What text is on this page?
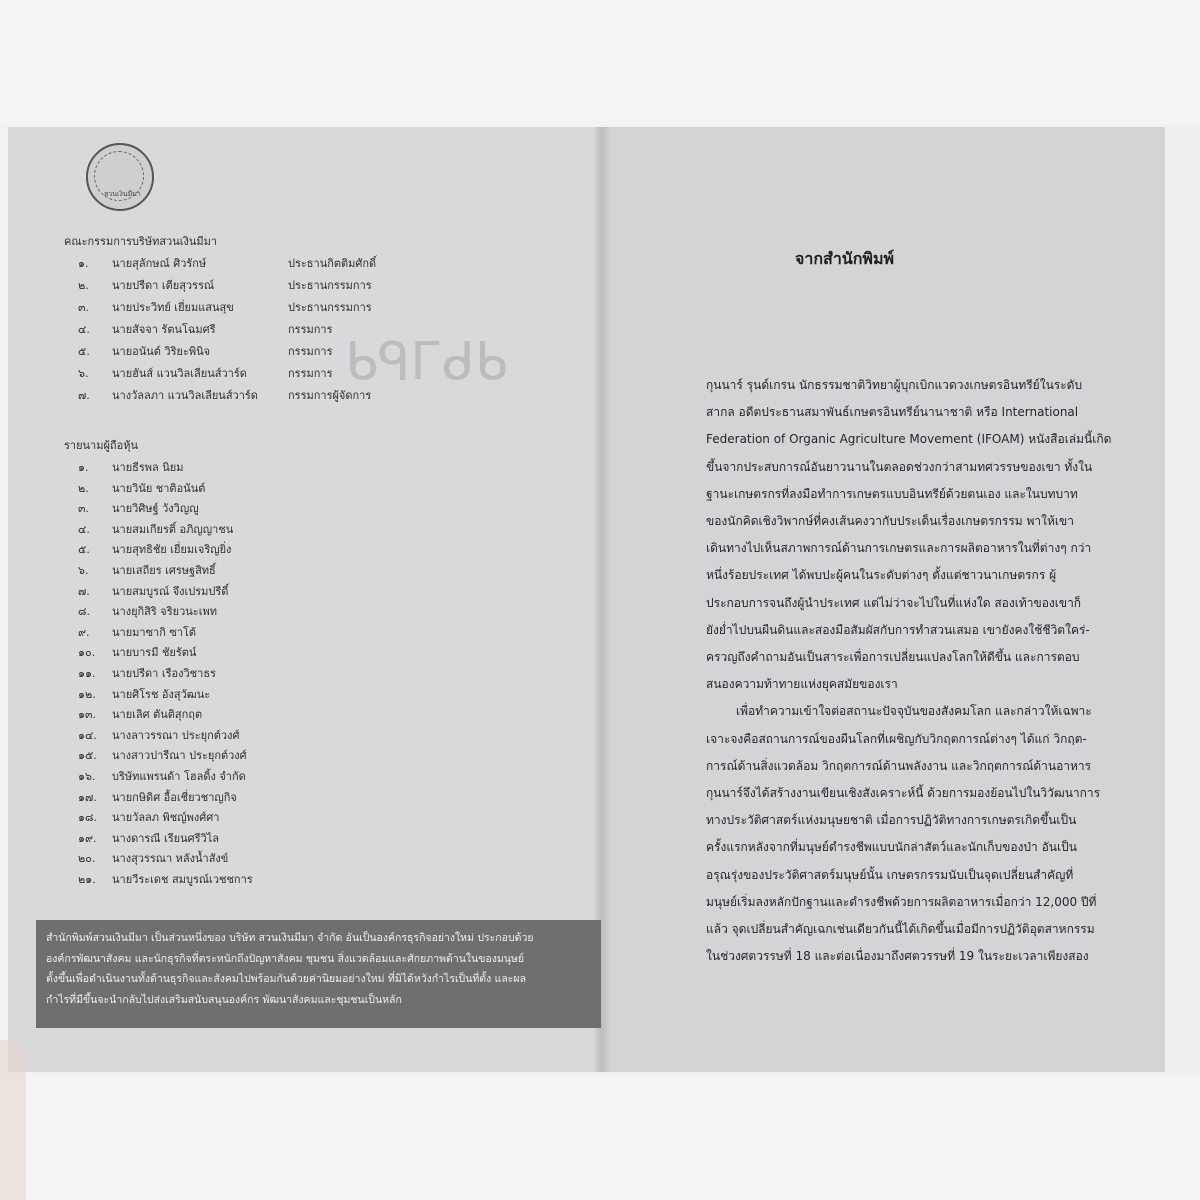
ᑫᑭᒧᑲᑫ
สวนเงินมีมา
คณะกรรมการบริษัทสวนเงินมีมา
๑.	นายสุลักษณ์ ศิวรักษ์	ประธานกิตติมศักดิ์
๒.	นายปรีดา เตียสุวรรณ์	ประธานกรรมการ
๓.	นายประวิทย์ เยี่ยมแสนสุข	ประธานกรรมการ
๔.	นายสัจจา รัตนโฉมศรี	กรรมการ
๕.	นายอนันต์ วิริยะพินิจ	กรรมการ
๖.	นายฮันส์ แวนวิลเลียนส์วาร์ด	กรรมการ
๗.	นางวัลลภา แวนวิลเลียนส์วาร์ด	กรรมการผู้จัดการ
รายนามผู้ถือหุ้น
๑.	นายธีรพล นิยม
๒.	นายวินัย ชาติอนันต์
๓.	นายวิศิษฐ์ วังวิญญู
๔.	นายสมเกียรติ์ อภิญญาชน
๕.	นายสุทธิชัย เยี่ยมเจริญยิ่ง
๖.	นายเสถียร เศรษฐสิทธิ์
๗.	นายสมบูรณ์ จึงเปรมปรีดิ์
๘.	นางยุกิสิริ จริยวนะเพท
๙.	นายมาซากิ ซาโต้
๑๐.	นายบารมี ชัยรัตน์
๑๑.	นายปรีดา เรืองวิชาธร
๑๒.	นายศิโรช อังสุวัฒนะ
๑๓.	นายเลิศ ตันติสุกฤต
๑๔.	นางลาวรรณา ประยุกต์วงศ์
๑๕.	นางสาวปารีณา ประยุกต์วงศ์
๑๖.	บริษัทแพรนด้า โฮลดิ้ง จำกัด
๑๗.	นายกษิดิศ อื้อเชี่ยวชาญกิจ
๑๘.	นายวัลลภ พิชญ์พงศ์ศา
๑๙.	นางดารณี เรียนศรีวิไล
๒๐.	นางสุวรรณา หลังน้ำสังข์
๒๑.	นายวีระเดช สมบูรณ์เวชชการ

สำนักพิมพ์สวนเงินมีมา เป็นส่วนหนึ่งของ บริษัท สวนเงินมีมา จำกัด อันเป็นองค์กรธุรกิจอย่างใหม่ ประกอบด้วย

องค์กรพัฒนาสังคม และนักธุรกิจที่ตระหนักถึงปัญหาสังคม ชุมชน สิ่งแวดล้อมและศักยภาพด้านในของมนุษย์

ตั้งขึ้นเพื่อดำเนินงานทั้งด้านธุรกิจและสังคมไปพร้อมกันด้วยค่านิยมอย่างใหม่ ที่มิได้หวังกำไรเป็นที่ตั้ง และผล

กำไรที่มีขึ้นจะนำกลับไปส่งเสริมสนับสนุนองค์กร พัฒนาสังคมและชุมชนเป็นหลัก

จากสำนักพิมพ์

กุนนาร์ รุนด์เกรน นักธรรมชาติวิทยาผู้บุกเบิกแวดวงเกษตรอินทรีย์ในระดับ

สากล อดีตประธานสมาพันธ์เกษตรอินทรีย์นานาชาติ หรือ International

Federation of Organic Agriculture Movement (IFOAM) หนังสือเล่มนี้เกิด

ขึ้นจากประสบการณ์อันยาวนานในตลอดช่วงกว่าสามทศวรรษของเขา ทั้งใน

ฐานะเกษตรกรที่ลงมือทำการเกษตรแบบอินทรีย์ด้วยตนเอง และในบทบาท

ของนักคิดเชิงวิพากษ์ที่คงเส้นคงวากับประเด็นเรื่องเกษตรกรรม พาให้เขา

เดินทางไปเห็นสภาพการณ์ด้านการเกษตรและการผลิตอาหารในที่ต่างๆ กว่า

หนึ่งร้อยประเทศ ได้พบปะผู้คนในระดับต่างๆ ตั้งแต่ชาวนาเกษตรกร ผู้

ประกอบการจนถึงผู้นำประเทศ แต่ไม่ว่าจะไปในที่แห่งใด สองเท้าของเขาก็

ยังย่ำไปบนผืนดินและสองมือสัมผัสกับการทำสวนเสมอ เขายังคงใช้ชีวิตใคร่-

ครวญถึงคำถามอันเป็นสาระเพื่อการเปลี่ยนแปลงโลกให้ดีขึ้น และการตอบ

สนองความท้าทายแห่งยุคสมัยของเรา

เพื่อทำความเข้าใจต่อสถานะปัจจุบันของสังคมโลก และกล่าวให้เฉพาะ

เจาะจงคือสถานการณ์ของผืนโลกที่เผชิญกับวิกฤตการณ์ต่างๆ ได้แก่ วิกฤต-

การณ์ด้านสิ่งแวดล้อม วิกฤตการณ์ด้านพลังงาน และวิกฤตการณ์ด้านอาหาร

กุนนาร์จึงได้สร้างงานเขียนเชิงสังเคราะห์นี้ ด้วยการมองย้อนไปในวิวัฒนาการ

ทางประวัติศาสตร์แห่งมนุษยชาติ เมื่อการปฏิวัติทางการเกษตรเกิดขึ้นเป็น

ครั้งแรกหลังจากที่มนุษย์ดำรงชีพแบบนักล่าสัตว์และนักเก็บของป่า อันเป็น

อรุณรุ่งของประวัติศาสตร์มนุษย์นั้น เกษตรกรรมนับเป็นจุดเปลี่ยนสำคัญที่

มนุษย์เริ่มลงหลักปักฐานและดำรงชีพด้วยการผลิตอาหารเมื่อกว่า 12,000 ปีที่

แล้ว จุดเปลี่ยนสำคัญเฉกเช่นเดียวกันนี้ได้เกิดขึ้นเมื่อมีการปฏิวัติอุตสาหกรรม

ในช่วงศตวรรษที่ 18 และต่อเนื่องมาถึงศตวรรษที่ 19 ในระยะเวลาเพียงสอง
